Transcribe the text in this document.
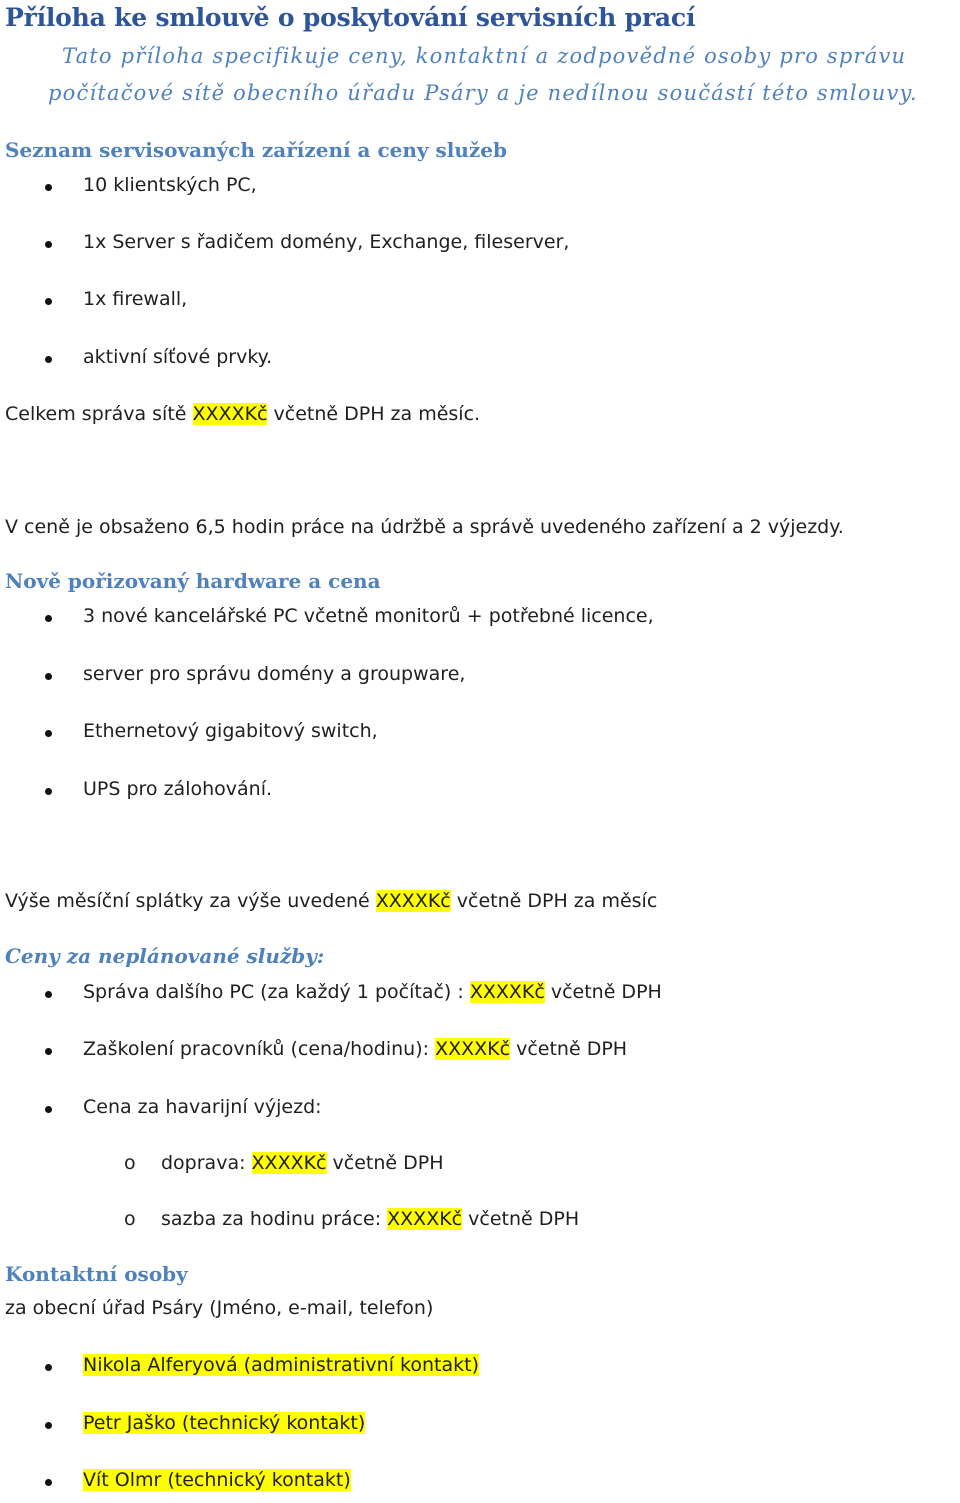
Příloha ke smlouvě o poskytování servisních prací
Tato příloha specifikuje ceny, kontaktní a zodpovědné osoby pro správu
počítačové sítě obecního úřadu Psáry a je nedílnou součástí této smlouvy.
Seznam servisovaných zařízení a ceny služeb
10 klientských PC,
1x Server s řadičem domény, Exchange, fileserver,
1x firewall,
aktivní síťové prvky.
Celkem správa sítě XXXXKč včetně DPH za měsíc.
V ceně je obsaženo 6,5 hodin práce na údržbě a správě uvedeného zařízení a 2 výjezdy.
Nově pořizovaný hardware a cena
3 nové kancelářské PC včetně monitorů + potřebné licence,
server pro správu domény a groupware,
Ethernetový gigabitový switch,
UPS pro zálohování.
Výše měsíční splátky za výše uvedené XXXXKč včetně DPH za měsíc
Ceny za neplánované služby:
Správa dalšího PC (za každý 1 počítač) : XXXXKč včetně DPH
Zaškolení pracovníků (cena/hodinu): XXXXKč včetně DPH
Cena za havarijní výjezd:
o doprava: XXXXKč včetně DPH
o sazba za hodinu práce: XXXXKč včetně DPH
Kontaktní osoby
za obecní úřad Psáry (Jméno, e-mail, telefon)
Nikola Alferyová (administrativní kontakt)
Petr Jaško (technický kontakt)
Vít Olmr (technický kontakt)
